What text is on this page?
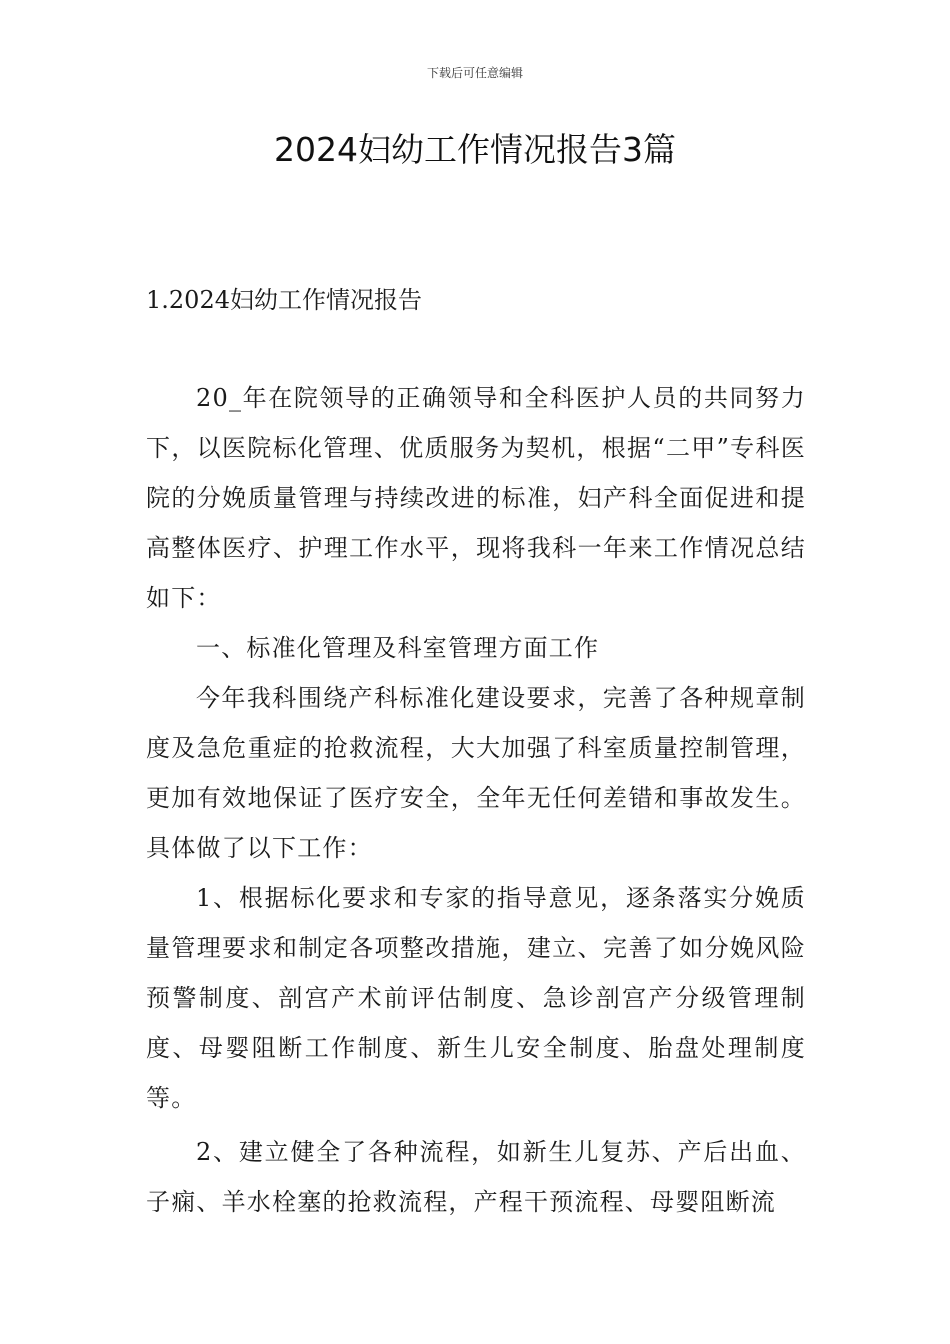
下载后可任意编辑
2024妇幼工作情况报告3篇
1.2024妇幼工作情况报告

20_年在院领导的正确领导和全科医护人员的共同努力下，以医院标化管理、优质服务为契机，根据“二甲”专科医院的分娩质量管理与持续改进的标准，妇产科全面促进和提高整体医疗、护理工作水平，现将我科一年来工作情况总结如下：

一、标准化管理及科室管理方面工作

今年我科围绕产科标准化建设要求，完善了各种规章制度及急危重症的抢救流程，大大加强了科室质量控制管理，更加有效地保证了医疗安全，全年无任何差错和事故发生。具体做了以下工作：

1、根据标化要求和专家的指导意见，逐条落实分娩质量管理要求和制定各项整改措施，建立、完善了如分娩风险预警制度、剖宫产术前评估制度、急诊剖宫产分级管理制度、母婴阻断工作制度、新生儿安全制度、胎盘处理制度等。

2、建立健全了各种流程，如新生儿复苏、产后出血、子痫、羊水栓塞的抢救流程，产程干预流程、母婴阻断流
